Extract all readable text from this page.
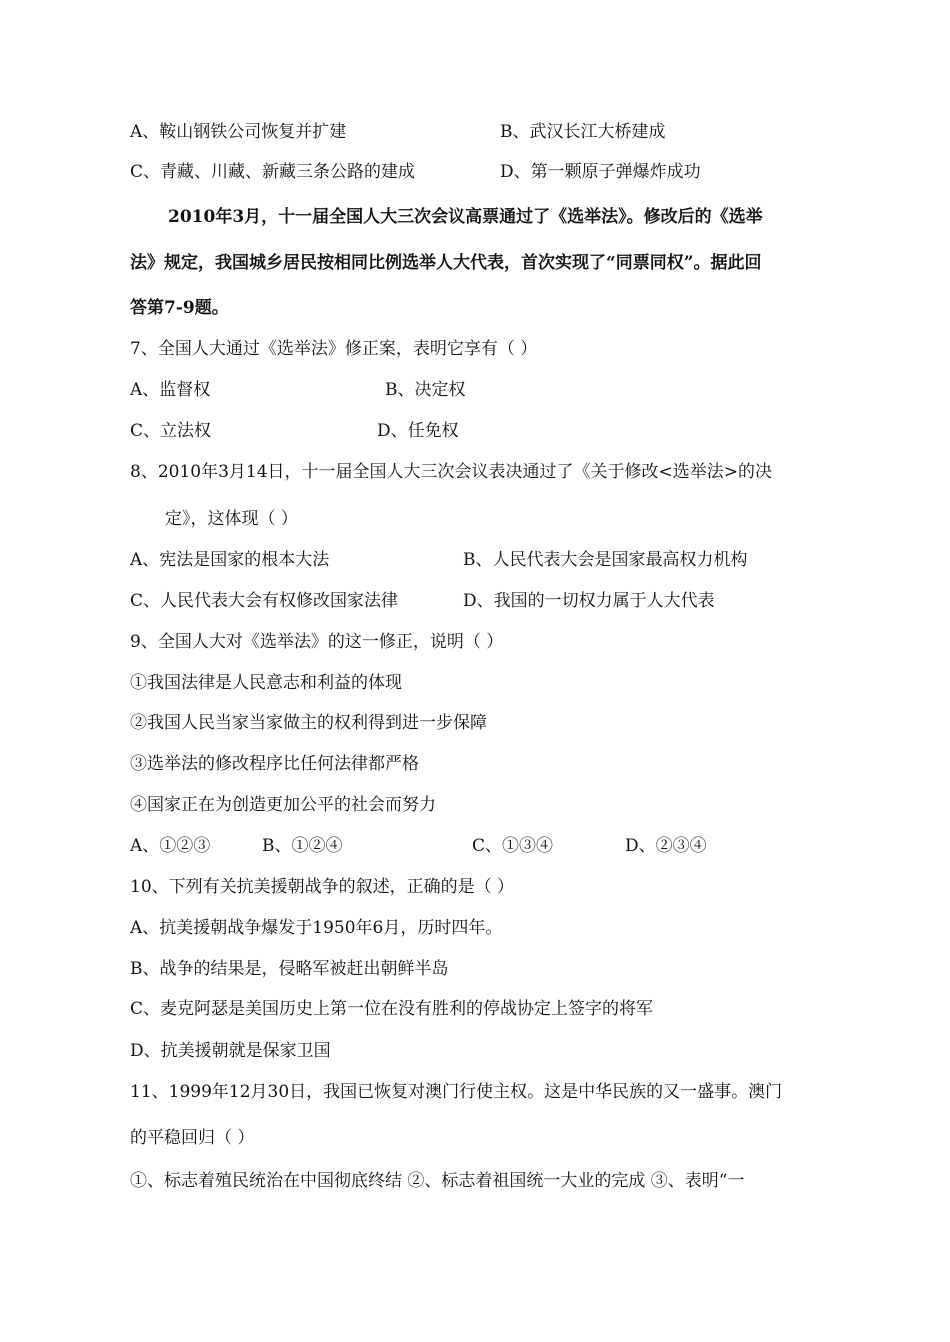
A、鞍山钢铁公司恢复并扩建	B、武汉长江大桥建成
C、青藏、川藏、新藏三条公路的建成	D、第一颗原子弹爆炸成功
2010年3月，十一届全国人大三次会议高票通过了《选举法》。修改后的《选举
法》规定，我国城乡居民按相同比例选举人大代表，首次实现了“同票同权”。据此回
答第7-9题。
7、全国人大通过《选举法》修正案，表明它享有（ ）
A、监督权	B、决定权
C、立法权	D、任免权
8、2010年3月14日，十一届全国人大三次会议表决通过了《关于修改<选举法>的决
定》，这体现（ ）
A、宪法是国家的根本大法	B、人民代表大会是国家最高权力机构
C、人民代表大会有权修改国家法律	D、我国的一切权力属于人大代表
9、全国人大对《选举法》的这一修正，说明（ ）
①我国法律是人民意志和利益的体现
②我国人民当家当家做主的权利得到进一步保障
③选举法的修改程序比任何法律都严格
④国家正在为创造更加公平的社会而努力
A、①②③	B、①②④	C、①③④	D、②③④
10、下列有关抗美援朝战争的叙述，正确的是（ ）
A、抗美援朝战争爆发于1950年6月，历时四年。
B、战争的结果是，侵略军被赶出朝鲜半岛
C、麦克阿瑟是美国历史上第一位在没有胜利的停战协定上签字的将军
D、抗美援朝就是保家卫国
11、1999年12月30日，我国已恢复对澳门行使主权。这是中华民族的又一盛事。澳门
的平稳回归（ ）
①、标志着殖民统治在中国彻底终结 ②、标志着祖国统一大业的完成 ③、表明“一
